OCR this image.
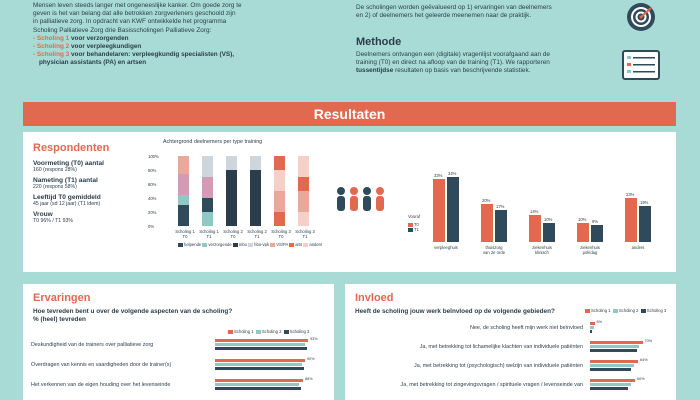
Mensen leven steeds langer met ongeneeslijke kanker. Om goede zorg te
geven is het van belang dat alle betrokken zorgverleners geschoold zijn
in palliatieve zorg. In opdracht van KWF ontwikkelde het programma
Scholing Palliatieve Zorg drie Basisscholingen Palliatieve Zorg:
- Scholing 1 voor verzorgenden
- Scholing 2 voor verpleegkundigen
- Scholing 3 voor behandelaren: verpleegkundig specialisten (VS),
physician assistants (PA) en artsen
De scholingen worden geëvalueerd op 1) ervaringen van deelnemers
en 2) of deelnemers het geleerde meenemen naar de praktijk.
Methode
Deelnemers ontvangen een (digitale) vragenlijst voorafgaand aan de
training (T0) en direct na afloop van de training (T1). We rapporteren
tussentijdse resultaten op basis van beschrijvende statistiek.
Resultaten
Respondenten
Voormeting (T0) aantal
160 (respons 28%)
Nameting (T1) aantal
220 (respons 58%)
Leeftijd T0 gemiddeld
45 jaar (sd 12 jaar) (T1 idem)
Vrouw
T0 96% / T1 93%
Achtergrond deelnemers per type training
100%
80%
60%
40%
20%
0%
Scholing 1 T0
Scholing 1 T1
Scholing 2 T0
Scholing 2 T1
Scholing 3 T0
Scholing 3 T1
helpende verzorgende mbo hbo-vpk VS/PA arts anders
Vooraf
T0
T1
33% 34%
verpleeghuis
20%
17%
thuiszorg
van 2e orde
14%
10%
ziekenhuis
klinisch
10% 9%
ziekenhuis
poli/dag
23%
19%
anders
Ervaringen
Hoe tevreden bent u over de volgende aspecten van de scholing?
% (heel) tevreden
Scholing 1 Scholing 2 Scholing 3
Deskundigheid van de trainers over palliatieve zorg
93%
Overdragen van kennis en vaardigheden door de trainer(s)
90%
Het verkennen van de eigen houding over het levenseinde
88%
Invloed
Heeft de scholing jouw werk beïnvloed op de volgende gebieden?	Scholing 1 Scholing 2 Scholing 3
Nee, de scholing heeft mijn werk niet beïnvloed
6%
Ja, met betrekking tot lichamelijke klachten van individuele patiënten
70%
Ja, met betrekking tot (psychologisch) welzijn van individuele patiënten
64%
Ja, met betrekking tot zingevingsvragen / spirituele vragen / levenseinde van
60%
